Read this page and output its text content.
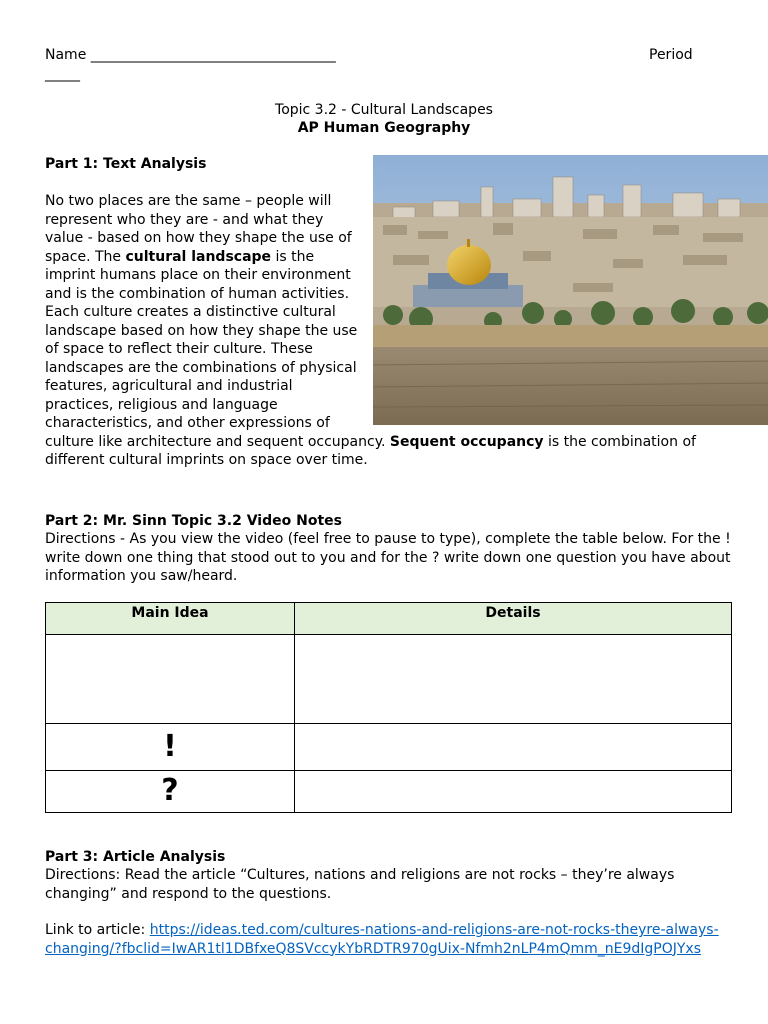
Name ___________________________________	Period
_____
Topic 3.2 - Cultural Landscapes
AP Human Geography
Part 1: Text Analysis
No two places are the same – people will represent who they are - and what they value - based on how they shape the use of space. The cultural landscape is the imprint humans place on their environment and is the combination of human activities. Each culture creates a distinctive cultural landscape based on how they shape the use of space to reflect their culture. These landscapes are the combinations of physical features, agricultural and industrial practices, religious and language characteristics, and other expressions of culture like architecture and sequent occupancy. Sequent occupancy is the combination of different cultural imprints on space over time.
Part 2: Mr. Sinn Topic 3.2 Video Notes
Directions - As you view the video (feel free to pause to type), complete the table below. For the ! write down one thing that stood out to you and for the ? write down one question you have about information you saw/heard.
Main Idea	Details

!	
?	
Part 3: Article Analysis
Directions: Read the article “Cultures, nations and religions are not rocks – they’re always changing” and respond to the questions.
Link to article: https://ideas.ted.com/cultures-nations-and-religions-are-not-rocks-theyre-always-changing/?fbclid=IwAR1tl1DBfxeQ8SVccykYbRDTR970gUix-Nfmh2nLP4mQmm_nE9dIgPOJYxs
